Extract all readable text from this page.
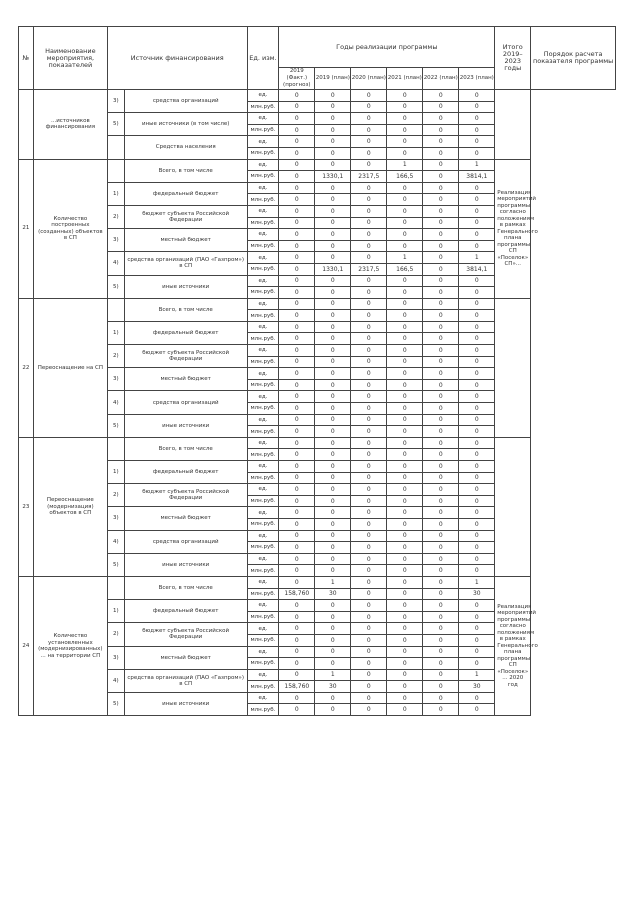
№	Наименование мероприятия, показателей	Источник финансирования		Ед. изм.	Годы реализации программы						Итого 2019–2023 годы	Порядок расчета показателя программы
					2019 (Факт.) (прогноз)	2019 (план)	2020 (план)	2021 (план)	2022 (план)	2023 (план)		
	...источников финансирования	3)	средства организаций	ед.	0	0	0	0	0	0		
				млн.руб.	0	0	0	0	0	0		
		5)	иные источники (в том числе)	ед.	0	0	0	0	0	0		
				млн.руб.	0	0	0	0	0	0		
			Средства населения	ед.	0	0	0	0	0	0		
				млн.руб.	0	0	0	0	0	0		
21	Количество построенных (созданных) объектов в СП		Всего, в том числе	ед.	0	0	0	1	0	1	Реализация мероприятий программы согласно положениям в рамках Генерального плана программы СП «Поселок» СП»...	
				млн.руб.	0	1330,1	2317,5	166,5	0	3814,1		
		1)	федеральный бюджет	ед.	0	0	0	0	0	0		
				млн.руб.	0	0	0	0	0	0		
		2)	бюджет субъекта Российской Федерации	ед.	0	0	0	0	0	0		
				млн.руб.	0	0	0	0	0	0		
		3)	местный бюджет	ед.	0	0	0	0	0	0		
				млн.руб.	0	0	0	0	0	0		
		4)	средства организаций (ПАО «Газпром») в СП	ед.	0	0	0	1	0	1		
				млн.руб.	0	1330,1	2317,5	166,5	0	3814,1		
		5)	иные источники	ед.	0	0	0	0	0	0		
				млн.руб.	0	0	0	0	0	0		
22	Переоснащение на СП		Всего, в том числе	ед.	0	0	0	0	0	0		
				млн.руб.	0	0	0	0	0	0		
		1)	федеральный бюджет	ед.	0	0	0	0	0	0		
				млн.руб.	0	0	0	0	0	0		
		2)	бюджет субъекта Российской Федерации	ед.	0	0	0	0	0	0		
				млн.руб.	0	0	0	0	0	0		
		3)	местный бюджет	ед.	0	0	0	0	0	0		
				млн.руб.	0	0	0	0	0	0		
		4)	средства организаций	ед.	0	0	0	0	0	0		
				млн.руб.	0	0	0	0	0	0		
		5)	иные источники	ед.	0	0	0	0	0	0		
				млн.руб.	0	0	0	0	0	0		
23	Переоснащение (модернизация) объектов в СП		Всего, в том числе	ед.	0	0	0	0	0	0		
				млн.руб.	0	0	0	0	0	0		
		1)	федеральный бюджет	ед.	0	0	0	0	0	0		
				млн.руб.	0	0	0	0	0	0		
		2)	бюджет субъекта Российской Федерации	ед.	0	0	0	0	0	0		
				млн.руб.	0	0	0	0	0	0		
		3)	местный бюджет	ед.	0	0	0	0	0	0		
				млн.руб.	0	0	0	0	0	0		
		4)	средства организаций	ед.	0	0	0	0	0	0		
				млн.руб.	0	0	0	0	0	0		
		5)	иные источники	ед.	0	0	0	0	0	0		
				млн.руб.	0	0	0	0	0	0		
24	Количество установленных (модернизированных) ... на территории СП		Всего, в том числе	ед.	0	1	0	0	0	1	Реализация мероприятий программы согласно положениям в рамках Генерального плана программы СП «Поселок» ... 2020 год	
				млн.руб.	158,760	30	0	0	0	30		
		1)	федеральный бюджет	ед.	0	0	0	0	0	0		
				млн.руб.	0	0	0	0	0	0		
		2)	бюджет субъекта Российской Федерации	ед.	0	0	0	0	0	0		
				млн.руб.	0	0	0	0	0	0		
		3)	местный бюджет	ед.	0	0	0	0	0	0		
				млн.руб.	0	0	0	0	0	0		
		4)	средства организаций (ПАО «Газпром») в СП	ед.	0	1	0	0	0	1		
				млн.руб.	158,760	30	0	0	0	30		
		5)	иные источники	ед.	0	0	0	0	0	0		
				млн.руб.	0	0	0	0	0	0		
